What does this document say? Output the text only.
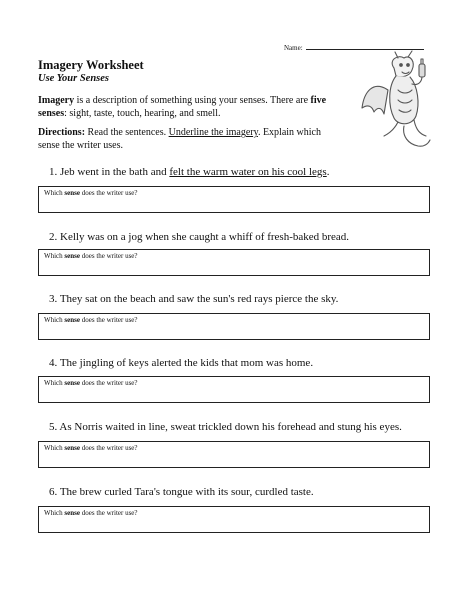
Name:
Imagery Worksheet
Use Your Senses
Imagery is a description of something using your senses. There are five senses: sight, taste, touch, hearing, and smell.
Directions: Read the sentences. Underline the imagery. Explain which sense the writer uses.
1. Jeb went in the bath and felt the warm water on his cool legs.
Which sense does the writer use?
2. Kelly was on a jog when she caught a whiff of fresh-baked bread.
Which sense does the writer use?
3. They sat on the beach and saw the sun's red rays pierce the sky.
Which sense does the writer use?
4. The jingling of keys alerted the kids that mom was home.
Which sense does the writer use?
5. As Norris waited in line, sweat trickled down his forehead and stung his eyes.
Which sense does the writer use?
6. The brew curled Tara's tongue with its sour, curdled taste.
Which sense does the writer use?
